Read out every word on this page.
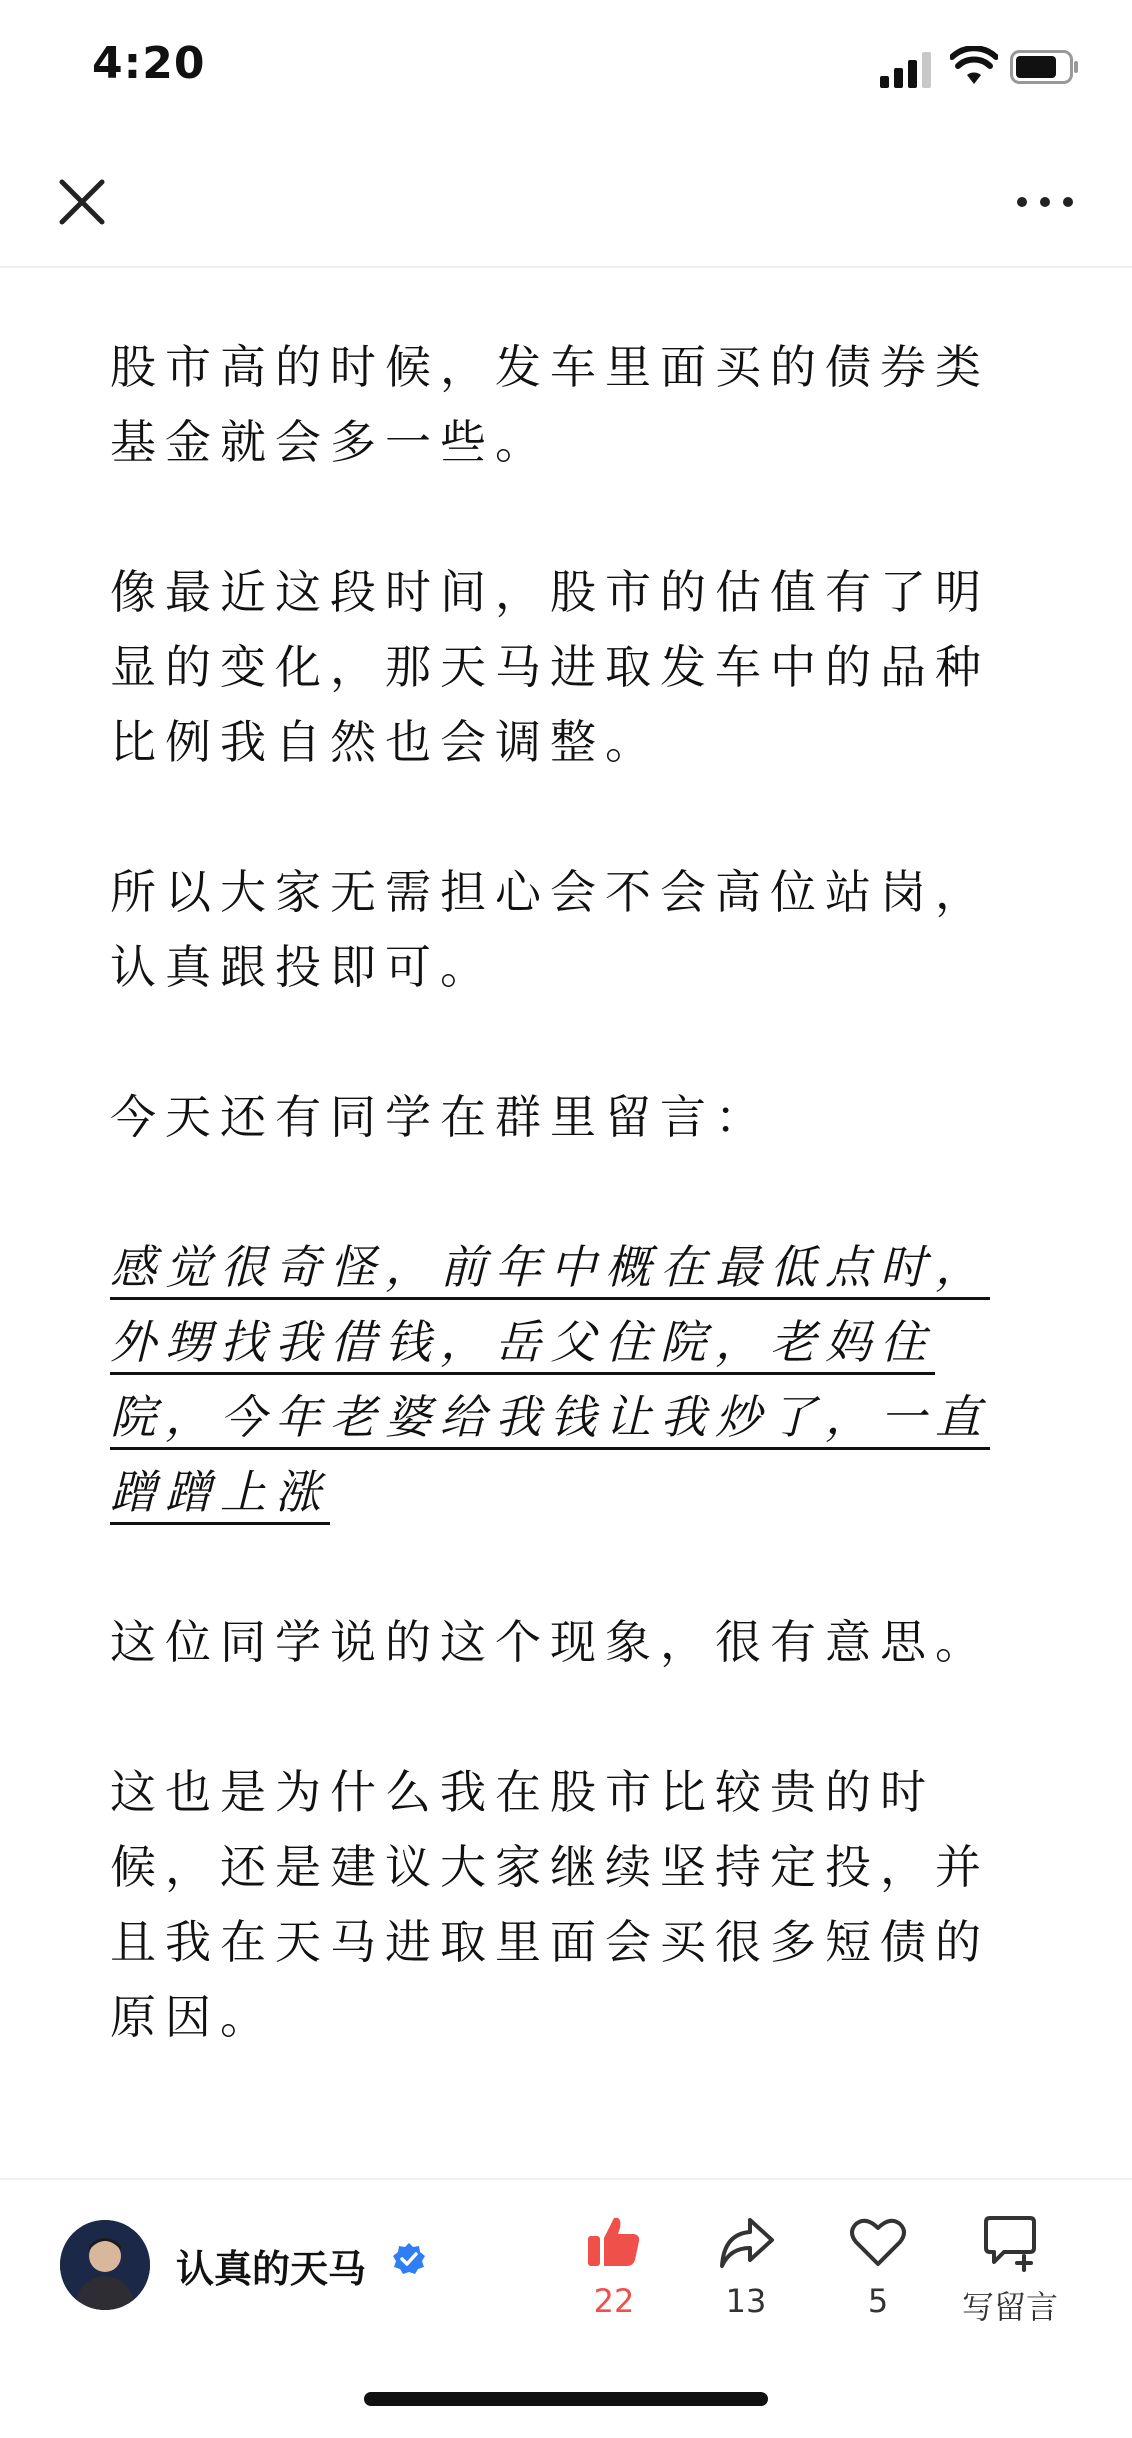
4:20

股市高的时候，发车里面买的债券类基金就会多一些。

像最近这段时间，股市的估值有了明显的变化，那天马进取发车中的品种比例我自然也会调整。

所以大家无需担心会不会高位站岗，认真跟投即可。

今天还有同学在群里留言：

感觉很奇怪，前年中概在最低点时，
外甥找我借钱，岳父住院，老妈住
院，今年老婆给我钱让我炒了，一直
蹭蹭上涨

这位同学说的这个现象，很有意思。

这也是为什么我在股市比较贵的时候，还是建议大家继续坚持定投，并且我在天马进取里面会买很多短债的原因。

认真的天马
22	13	5	写留言
